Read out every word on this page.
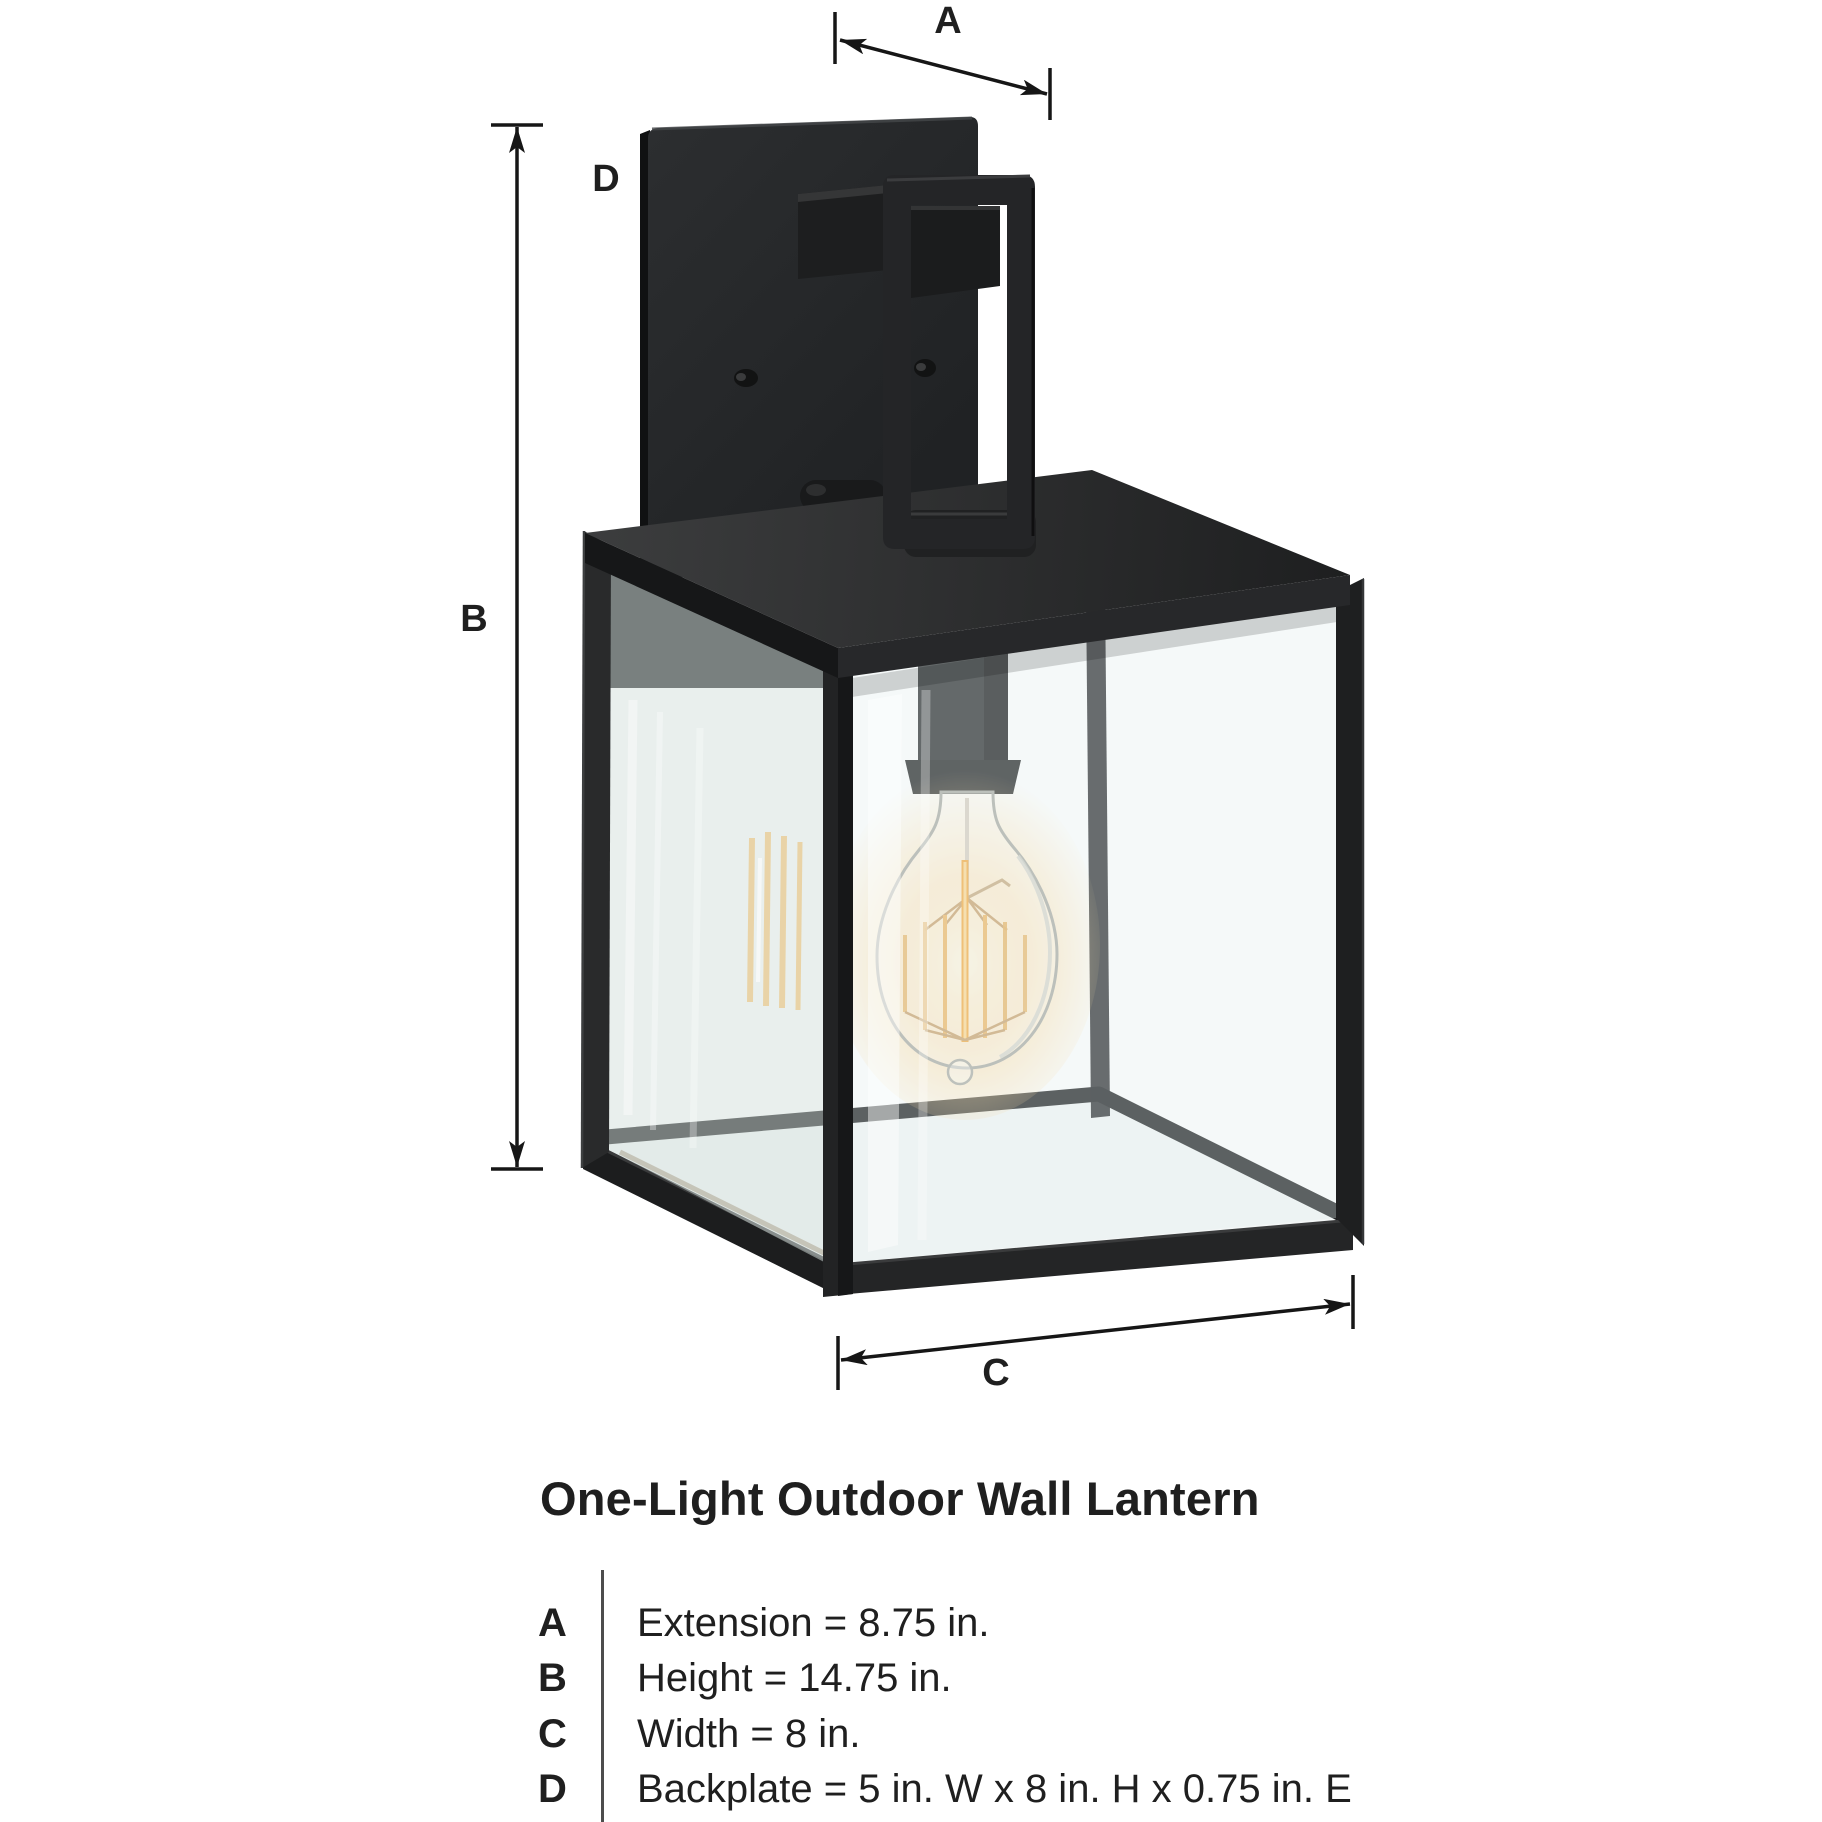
A
B
C
D
One-Light Outdoor Wall Lantern
A	Extension = 8.75 in.
B	Height = 14.75 in.
C	Width = 8 in.
D	Backplate = 5 in. W x 8 in. H x 0.75 in. E
